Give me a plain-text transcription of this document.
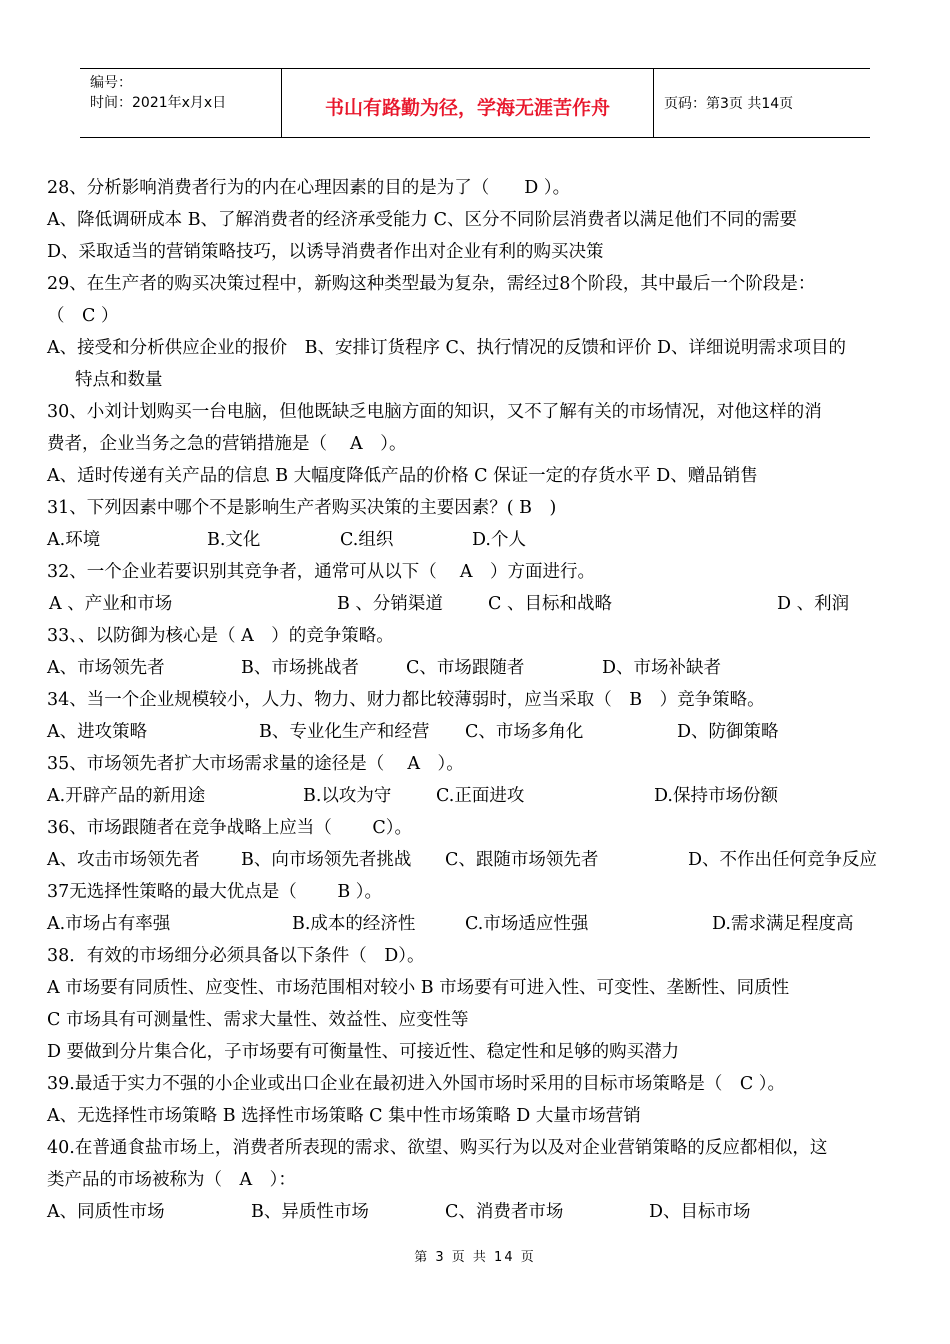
编号：
时间：2021年x月x日	书山有路勤为径，学海无涯苦作舟	页码：第3页 共14页
28、分析影响消费者行为的内在心理因素的目的是为了（　　D ）。
A、降低调研成本 B、了解消费者的经济承受能力 C、区分不同阶层消费者以满足他们不同的需要
D、采取适当的营销策略技巧，以诱导消费者作出对企业有利的购买决策
29、在生产者的购买决策过程中，新购这种类型最为复杂，需经过8个阶段，其中最后一个阶段是：
（　C ）
A、接受和分析供应企业的报价　B、安排订货程序 C、执行情况的反馈和评价 D、详细说明需求项目的
特点和数量
30、小刘计划购买一台电脑，但他既缺乏电脑方面的知识，又不了解有关的市场情况，对他这样的消
费者，企业当务之急的营销措施是（　 A　）。
A、适时传递有关产品的信息 B 大幅度降低产品的价格 C 保证一定的存货水平 D、赠品销售
31、下列因素中哪个不是影响生产者购买决策的主要因素？( B　)
A.环境	B.文化	C.组织	D.个人
32、一个企业若要识别其竞争者，通常可从以下（　 A　）方面进行。
A 、产业和市场	B 、分销渠道	C 、目标和战略	D 、利润
33、、以防御为核心是（ A　）的竞争策略。
A、市场领先者	B、市场挑战者	C、市场跟随者	D、市场补缺者
34、当一个企业规模较小，人力、物力、财力都比较薄弱时，应当采取（　B　）竞争策略。
A、进攻策略	B、专业化生产和经营 C、市场多角化	D、防御策略
35、市场领先者扩大市场需求量的途径是（　 A　）。
A.开辟产品的新用途	B.以攻为守	C.正面进攻	D.保持市场份额
36、市场跟随者在竞争战略上应当（　　 C）。
A、攻击市场领先者 B、向市场领先者挑战 C、跟随市场领先者	D、不作出任何竞争反应
37无选择性策略的最大优点是（　　 B ）。
A.市场占有率强	B.成本的经济性	C.市场适应性强	D.需求满足程度高
38．有效的市场细分必须具备以下条件（　D）。
A 市场要有同质性、应变性、市场范围相对较小 B 市场要有可进入性、可变性、垄断性、同质性
C 市场具有可测量性、需求大量性、效益性、应变性等
D 要做到分片集合化，子市场要有可衡量性、可接近性、稳定性和足够的购买潜力
39.最适于实力不强的小企业或出口企业在最初进入外国市场时采用的目标市场策略是（　C ）。
A、无选择性市场策略 B 选择性市场策略 C 集中性市场策略 D 大量市场营销
40.在普通食盐市场上，消费者所表现的需求、欲望、购买行为以及对企业营销策略的反应都相似，这
类产品的市场被称为（　A　）：
A、同质性市场	B、异质性市场	C、消费者市场	D、目标市场
第 3 页 共 14 页
